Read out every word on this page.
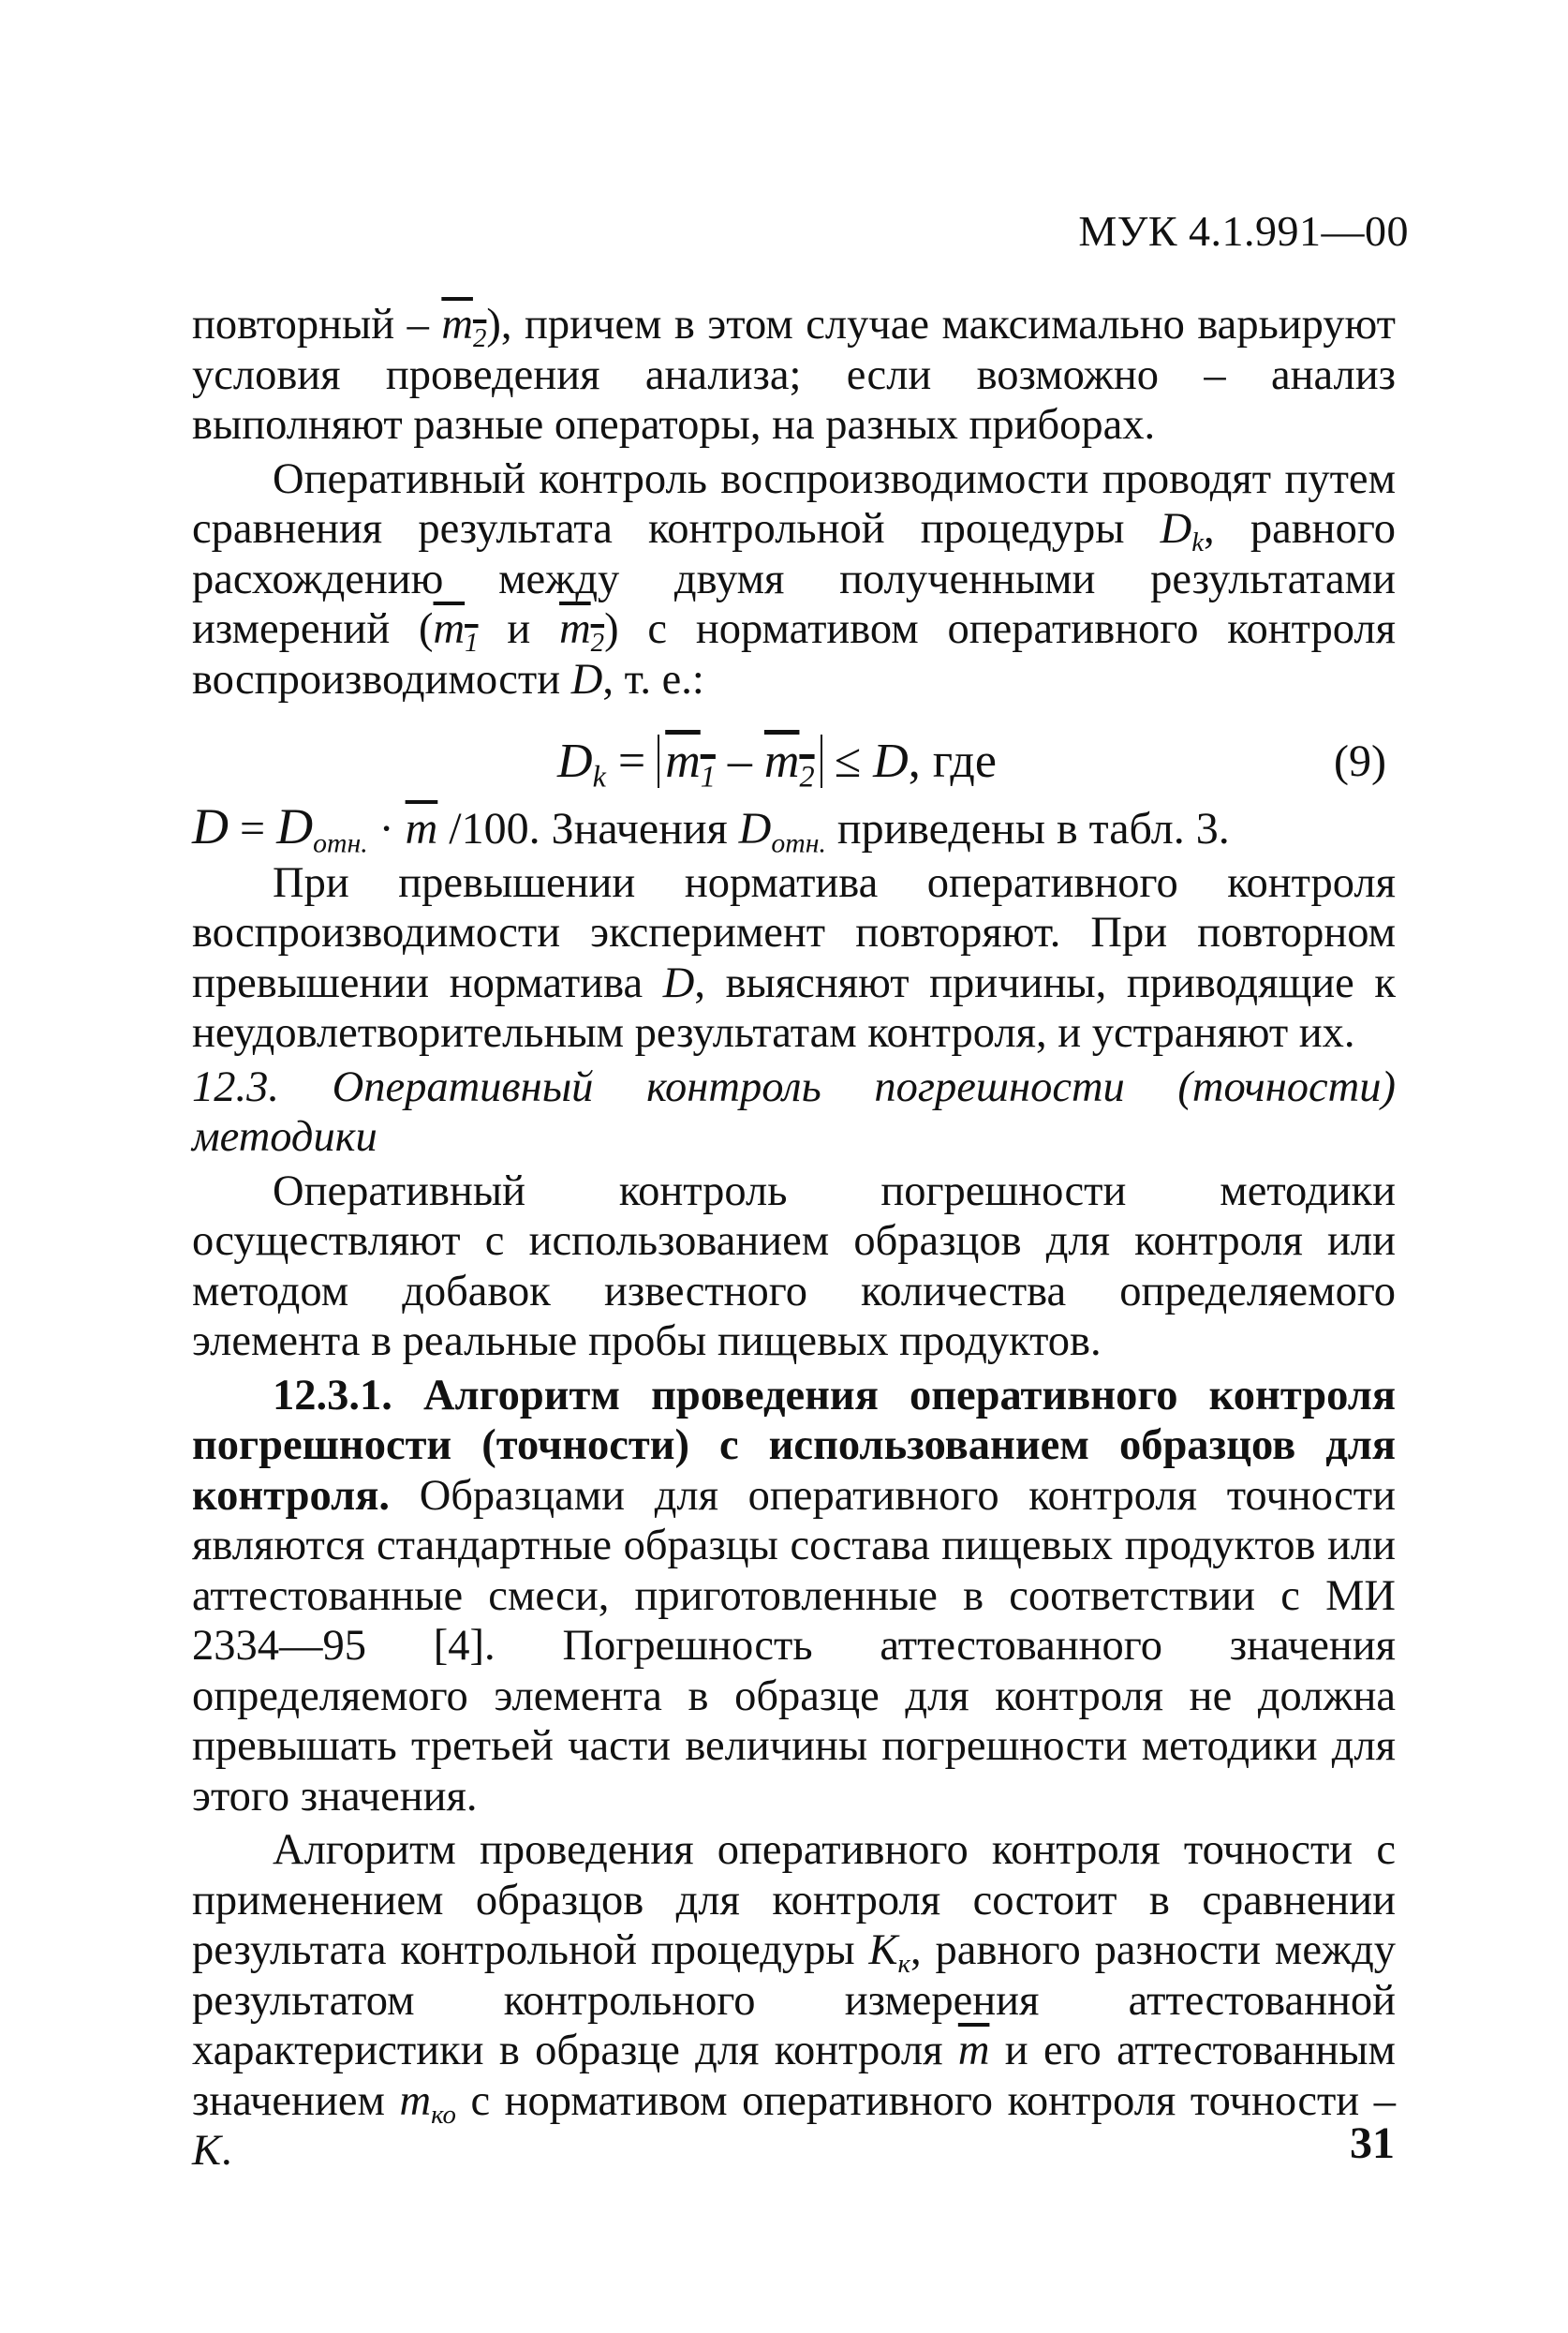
МУК 4.1.991—00

повторный – $m_2$), причем в этом случае максимально варьируют условия проведения анализа; если возможно – анализ выполняют разные операторы, на разных приборах.

Оперативный контроль воспроизводимости проводят путем сравнения результата контрольной процедуры $D_k$, равного расхождению между двумя полученными результатами измерений ($m_1$ и $m_2$) с нормативом оперативного контроля воспроизводимости D, т. е.:

$D_k = m_1 - m_2 \le D$, где	(9)

$D = D_{отн.} \cdot \overline{m}$ /100. Значения $D_{отн.}$ приведены в табл. 3.

При превышении норматива оперативного контроля воспроизводимости эксперимент повторяют. При повторном превышении норматива D, выясняют причины, приводящие к неудовлетворительным результатам контроля, и устраняют их.

12.3. Оперативный контроль погрешности (точности) методики

Оперативный контроль погрешности методики осуществляют с использованием образцов для контроля или методом добавок известного количества определяемого элемента в реальные пробы пищевых продуктов.

12.3.1. Алгоритм проведения оперативного контроля погрешности (точности) с использованием образцов для контроля. Образцами для оперативного контроля точности являются стандартные образцы состава пищевых продуктов или аттестованные смеси, приготовленные в соответствии с МИ 2334—95 [4]. Погрешность аттестованного значения определяемого элемента в образце для контроля не должна превышать третьей части величины погрешности методики для этого значения.

Алгоритм проведения оперативного контроля точности с применением образцов для контроля состоит в сравнении результата контрольной процедуры $K_к$, равного разности между результатом контрольного измерения аттестованной характеристики в образце для контроля $\overline{m}$ и его аттестованным значением $m_{ко}$ с нормативом оперативного контроля точности – K.	31
